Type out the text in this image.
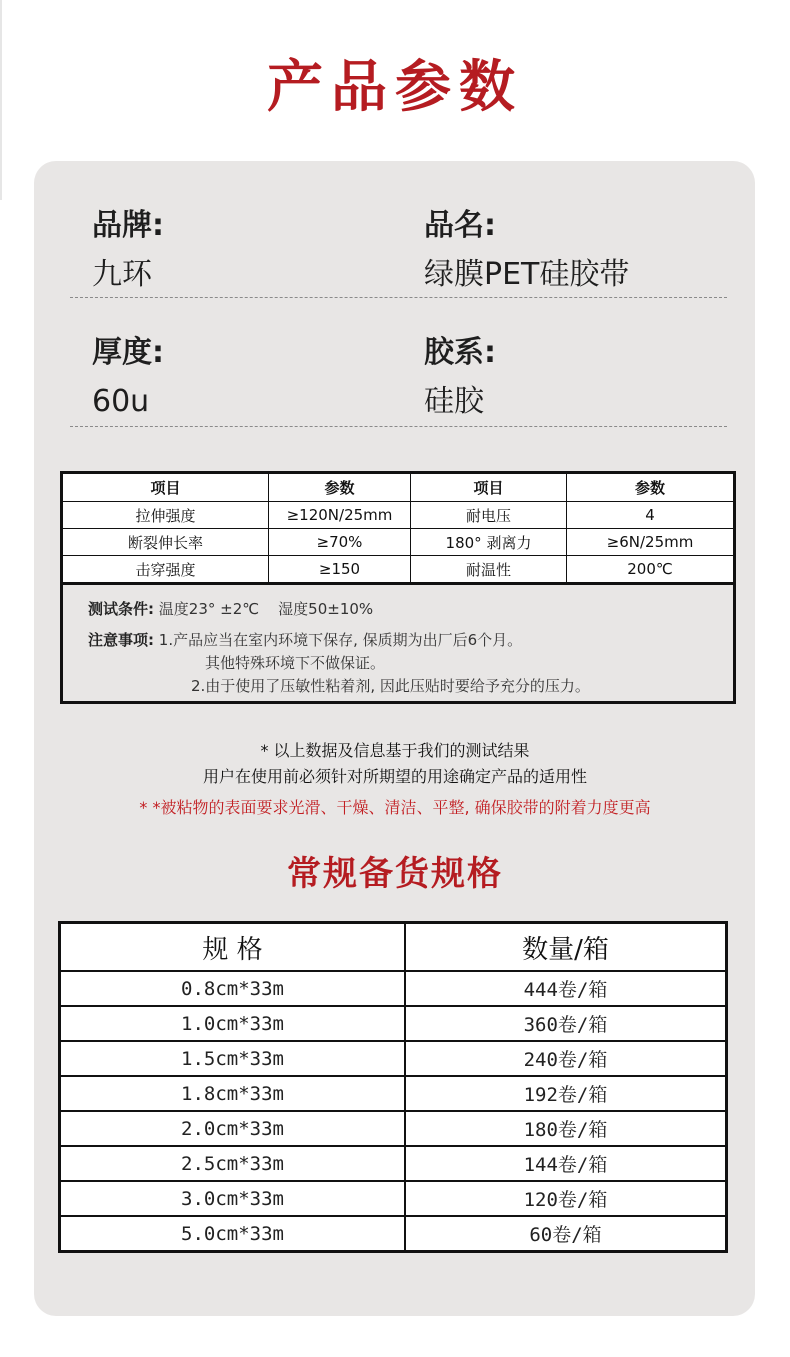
产品参数
品牌:
九环
品名:
绿膜PET硅胶带
厚度:
60u
胶系:
硅胶
项目	参数	项目	参数
拉伸强度	≥120N/25mm	耐电压	4
断裂伸长率	≥70%	180° 剥离力	≥6N/25mm
击穿强度	≥150	耐温性	200℃
测试条件: 温度23° ±2℃    湿度50±10%
注意事项: 1.产品应当在室内环境下保存, 保质期为出厂后6个月。
其他特殊环境下不做保证。
2.由于使用了压敏性粘着剂, 因此压贴时要给予充分的压力。
* 以上数据及信息基于我们的测试结果
用户在使用前必须针对所期望的用途确定产品的适用性
* *被粘物的表面要求光滑、干燥、清洁、平整, 确保胶带的附着力度更高
常规备货规格
规 格	数量/箱
0.8cm*33m	444卷/箱
1.0cm*33m	360卷/箱
1.5cm*33m	240卷/箱
1.8cm*33m	192卷/箱
2.0cm*33m	180卷/箱
2.5cm*33m	144卷/箱
3.0cm*33m	120卷/箱
5.0cm*33m	60卷/箱
